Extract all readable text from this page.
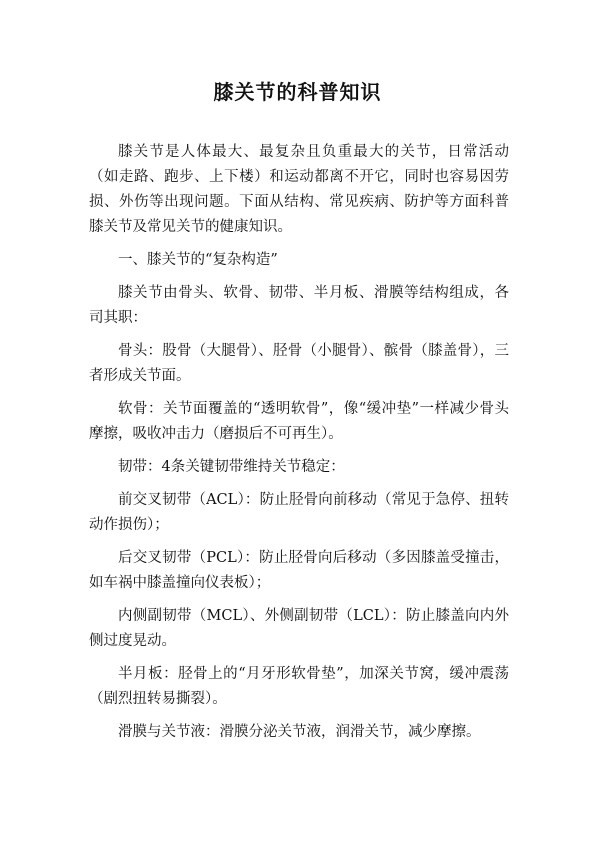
膝关节的科普知识

膝关节是人体最大、最复杂且负重最大的关节，日常活动（如走路、跑步、上下楼）和运动都离不开它，同时也容易因劳损、外伤等出现问题。下面从结构、常见疾病、防护等方面科普膝关节及常见关节的健康知识。

一、膝关节的“复杂构造”

膝关节由骨头、软骨、韧带、半月板、滑膜等结构组成，各司其职：

骨头：股骨（大腿骨）、胫骨（小腿骨）、髌骨（膝盖骨），三者形成关节面。

软骨：关节面覆盖的“透明软骨”，像“缓冲垫”一样减少骨头摩擦，吸收冲击力（磨损后不可再生）。

韧带：4条关键韧带维持关节稳定：

前交叉韧带（ACL）：防止胫骨向前移动（常见于急停、扭转动作损伤）；

后交叉韧带（PCL）：防止胫骨向后移动（多因膝盖受撞击，如车祸中膝盖撞向仪表板）；

内侧副韧带（MCL）、外侧副韧带（LCL）：防止膝盖向内外侧过度晃动。

半月板：胫骨上的“月牙形软骨垫”，加深关节窝，缓冲震荡（剧烈扭转易撕裂）。

滑膜与关节液：滑膜分泌关节液，润滑关节，减少摩擦。
